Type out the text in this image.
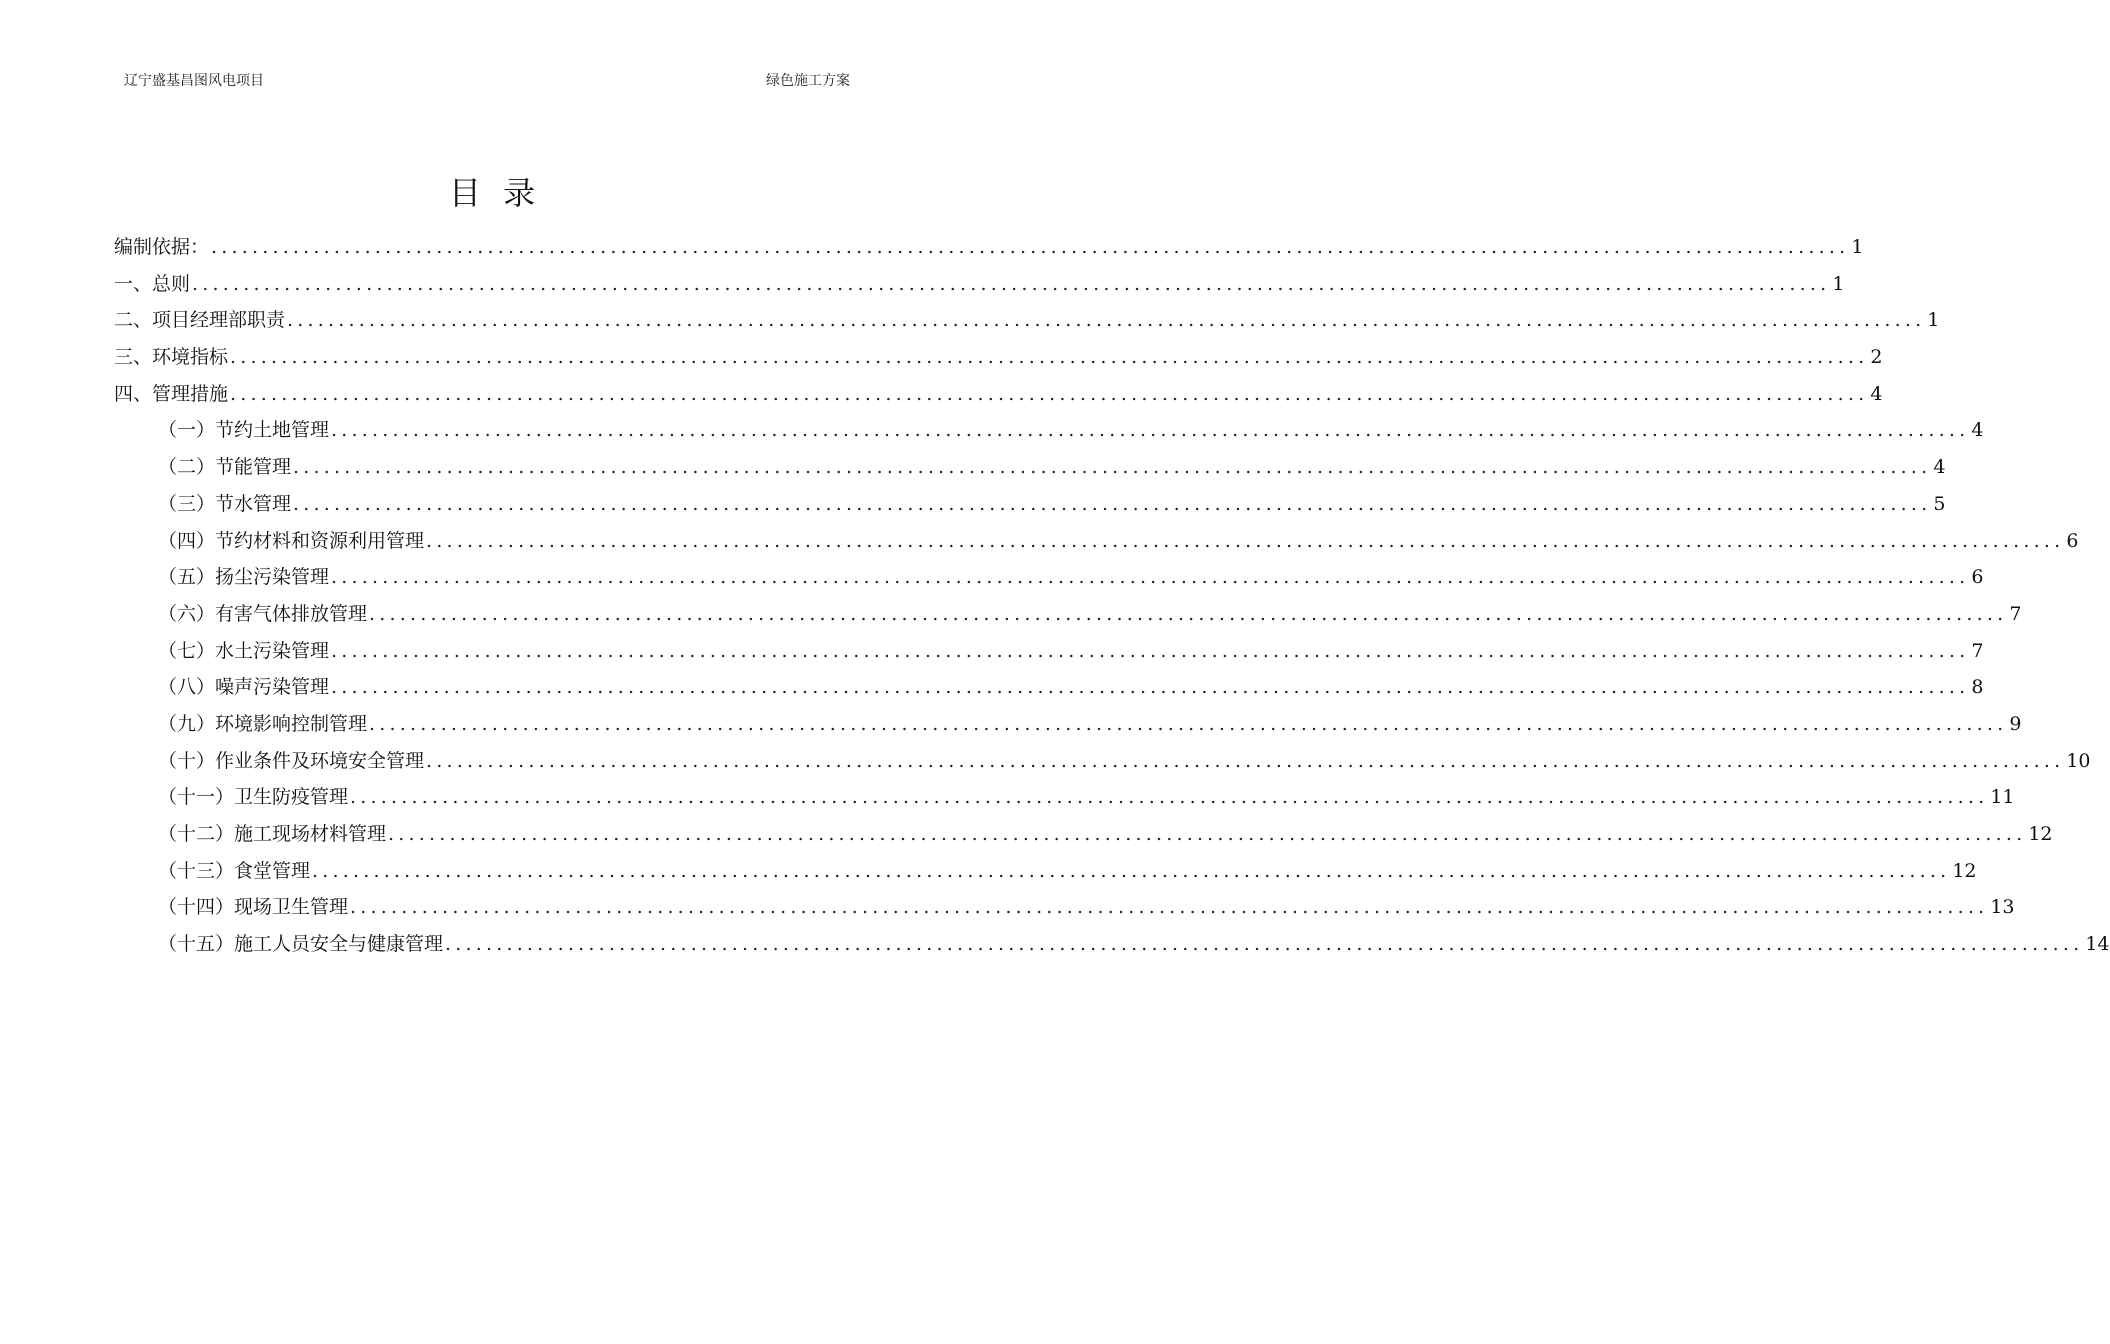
辽宁盛基昌图风电项目	绿色施工方案
目 录
编制依据： ................................................................................................................................................................ 1
一、总则 ................................................................................................................................................................ 1
二、项目经理部职责 ................................................................................................................................................................ 1
三、环境指标 ................................................................................................................................................................ 2
四、管理措施 ................................................................................................................................................................ 4
（一）节约土地管理 ................................................................................................................................................................ 4
（二）节能管理 ................................................................................................................................................................ 4
（三）节水管理 ................................................................................................................................................................ 5
（四）节约材料和资源利用管理 ................................................................................................................................................................ 6
（五）扬尘污染管理 ................................................................................................................................................................ 6
（六）有害气体排放管理 ................................................................................................................................................................ 7
（七）水土污染管理 ................................................................................................................................................................ 7
（八）噪声污染管理 ................................................................................................................................................................ 8
（九）环境影响控制管理 ................................................................................................................................................................ 9
（十）作业条件及环境安全管理 ................................................................................................................................................................ 10
（十一）卫生防疫管理 ................................................................................................................................................................ 11
（十二）施工现场材料管理 ................................................................................................................................................................ 12
（十三）食堂管理 ................................................................................................................................................................ 12
（十四）现场卫生管理 ................................................................................................................................................................ 13
（十五）施工人员安全与健康管理 ................................................................................................................................................................ 14
